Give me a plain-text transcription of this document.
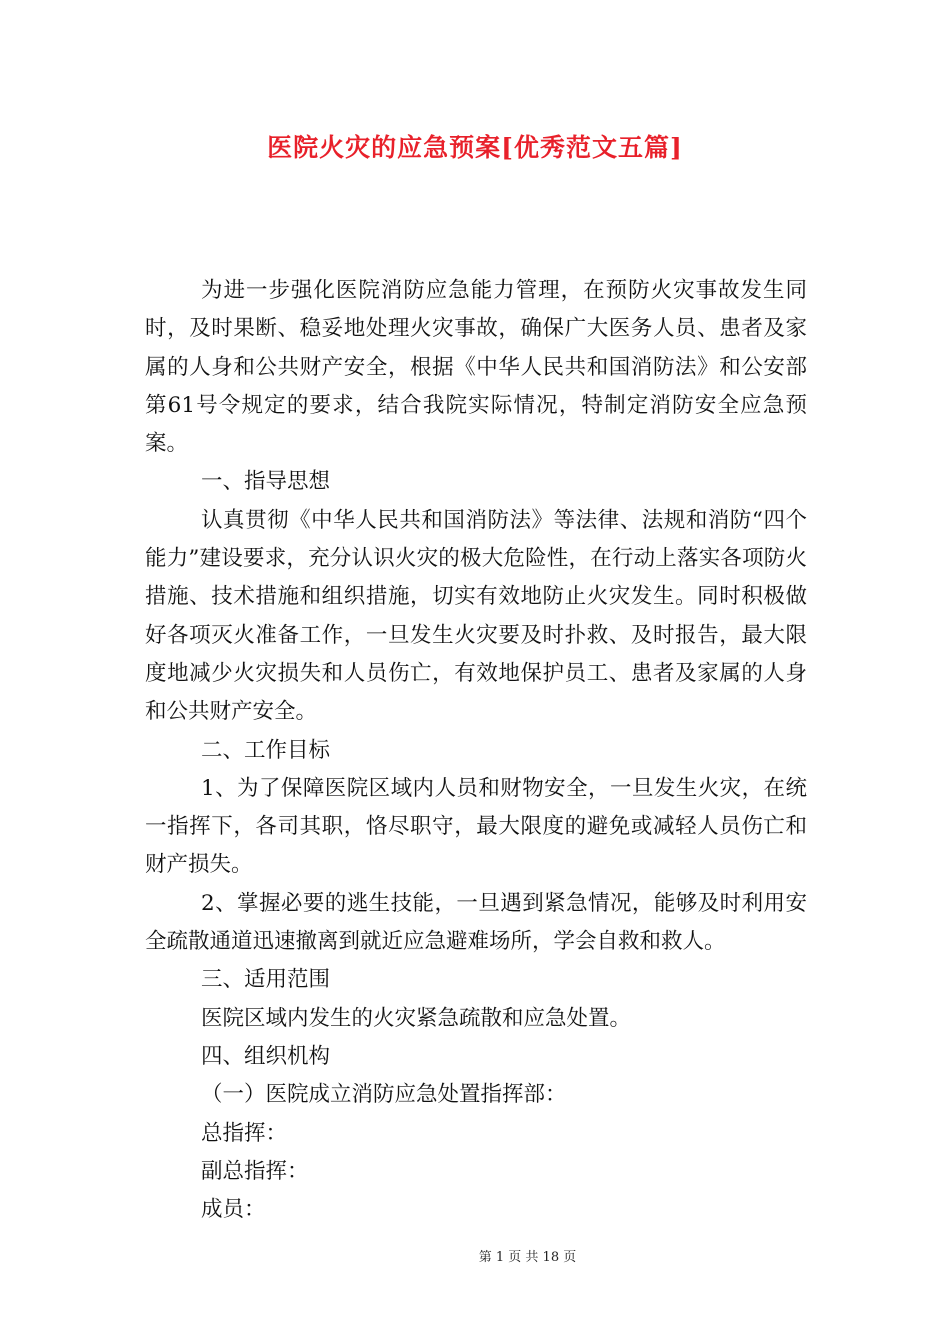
医院火灾的应急预案[优秀范文五篇]

为进一步强化医院消防应急能力管理，在预防火灾事故发生同时，及时果断、稳妥地处理火灾事故，确保广大医务人员、患者及家属的人身和公共财产安全，根据《中华人民共和国消防法》和公安部第61号令规定的要求，结合我院实际情况，特制定消防安全应急预案。

一、指导思想

认真贯彻《中华人民共和国消防法》等法律、法规和消防“四个能力”建设要求，充分认识火灾的极大危险性，在行动上落实各项防火措施、技术措施和组织措施，切实有效地防止火灾发生。同时积极做好各项灭火准备工作，一旦发生火灾要及时扑救、及时报告，最大限度地减少火灾损失和人员伤亡，有效地保护员工、患者及家属的人身和公共财产安全。

二、工作目标

1、为了保障医院区域内人员和财物安全，一旦发生火灾，在统一指挥下，各司其职，恪尽职守，最大限度的避免或减轻人员伤亡和财产损失。

2、掌握必要的逃生技能，一旦遇到紧急情况，能够及时利用安全疏散通道迅速撤离到就近应急避难场所，学会自救和救人。

三、适用范围

医院区域内发生的火灾紧急疏散和应急处置。

四、组织机构

（一）医院成立消防应急处置指挥部：

总指挥：

副总指挥：

成员：

第 1 页 共 18 页
